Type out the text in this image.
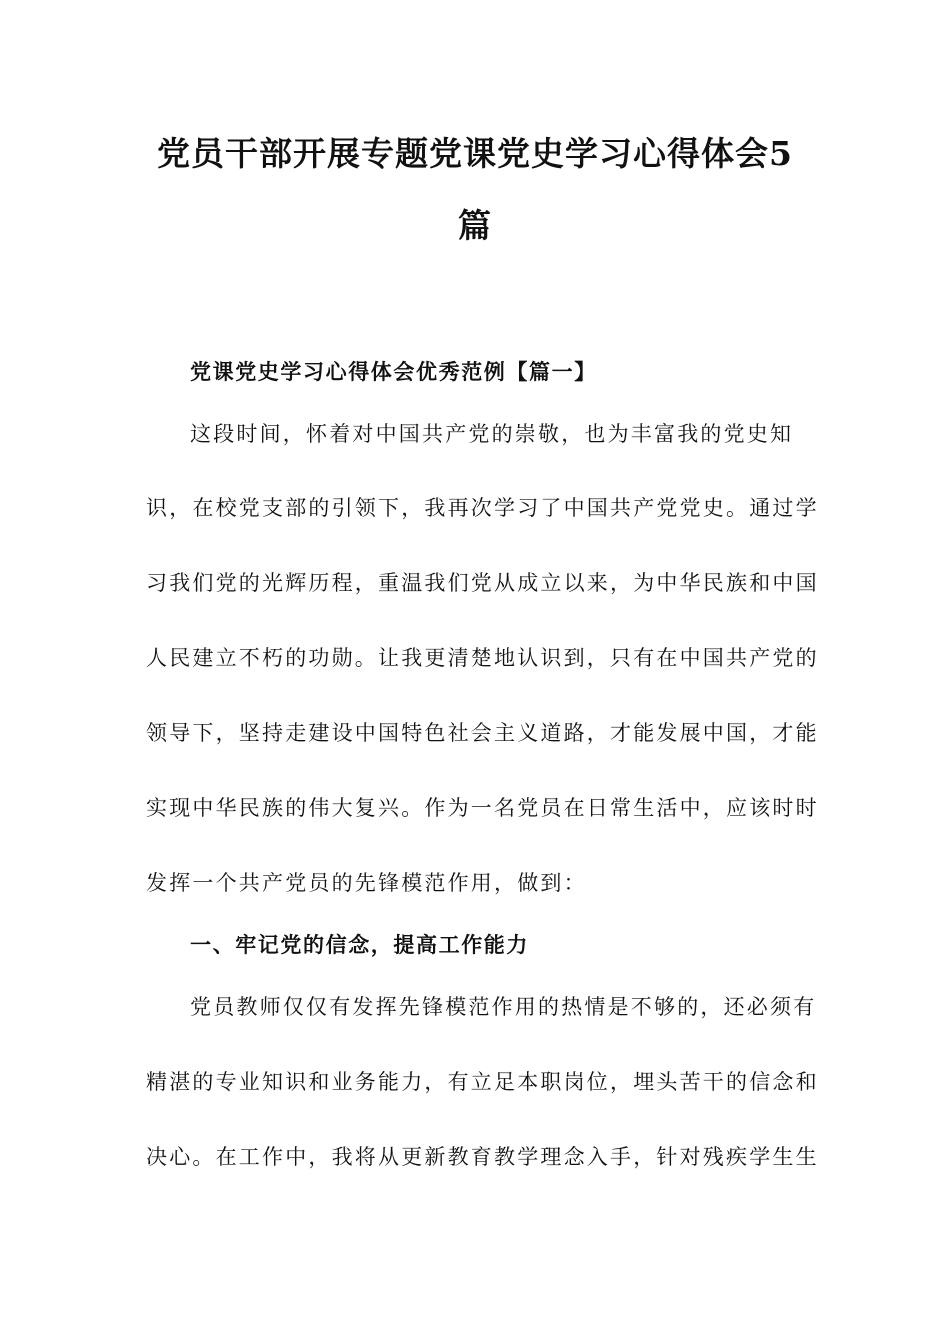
党员干部开展专题党课党史学习心得体会5
篇
党课党史学习心得体会优秀范例【篇一】
这段时间，怀着对中国共产党的崇敬，也为丰富我的党史知
识，在校党支部的引领下，我再次学习了中国共产党党史。通过学
习我们党的光辉历程，重温我们党从成立以来，为中华民族和中国
人民建立不朽的功勋。让我更清楚地认识到，只有在中国共产党的
领导下，坚持走建设中国特色社会主义道路，才能发展中国，才能
实现中华民族的伟大复兴。作为一名党员在日常生活中，应该时时
发挥一个共产党员的先锋模范作用，做到：
一、牢记党的信念，提高工作能力
党员教师仅仅有发挥先锋模范作用的热情是不够的，还必须有
精湛的专业知识和业务能力，有立足本职岗位，埋头苦干的信念和
决心。在工作中，我将从更新教育教学理念入手，针对残疾学生生
